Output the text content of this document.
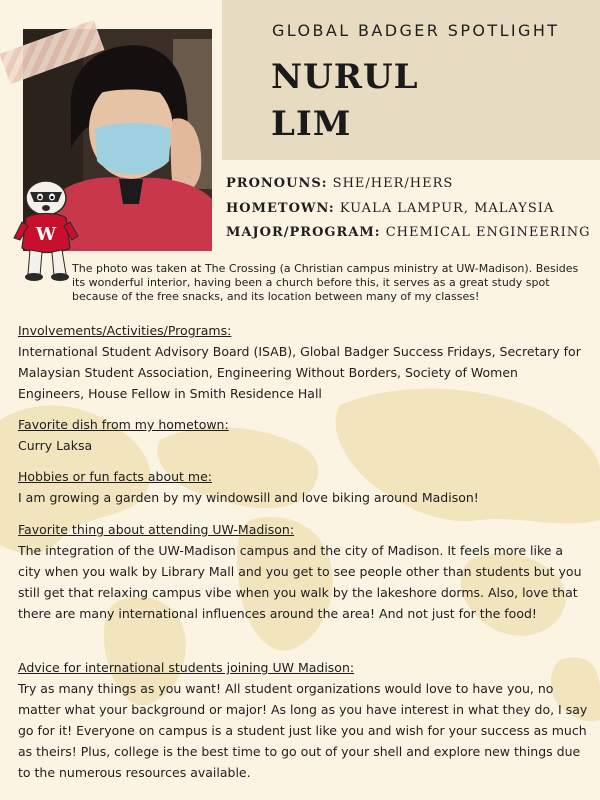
GLOBAL BADGER SPOTLIGHT
NURUL
LIM
W
PRONOUNS: SHE/HER/HERS
HOMETOWN: KUALA LAMPUR, MALAYSIA
MAJOR/PROGRAM: CHEMICAL ENGINEERING
The photo was taken at The Crossing (a Christian campus ministry at UW-Madison). Besides its wonderful interior, having been a church before this, it serves as a great study spot because of the free snacks, and its location between many of my classes!
Involvements/Activities/Programs:
International Student Advisory Board (ISAB), Global Badger Success Fridays, Secretary for Malaysian Student Association, Engineering Without Borders, Society of Women Engineers, House Fellow in Smith Residence Hall
Favorite dish from my hometown:
Curry Laksa
Hobbies or fun facts about me:
I am growing a garden by my windowsill and love biking around Madison!
Favorite thing about attending UW-Madison:
The integration of the UW-Madison campus and the city of Madison. It feels more like a city when you walk by Library Mall and you get to see people other than students but you still get that relaxing campus vibe when you walk by the lakeshore dorms. Also, love that there are many international influences around the area! And not just for the food!
Advice for international students joining UW Madison:
Try as many things as you want! All student organizations would love to have you, no matter what your background or major! As long as you have interest in what they do, I say go for it! Everyone on campus is a student just like you and wish for your success as much as theirs! Plus, college is the best time to go out of your shell and explore new things due to the numerous resources available.
